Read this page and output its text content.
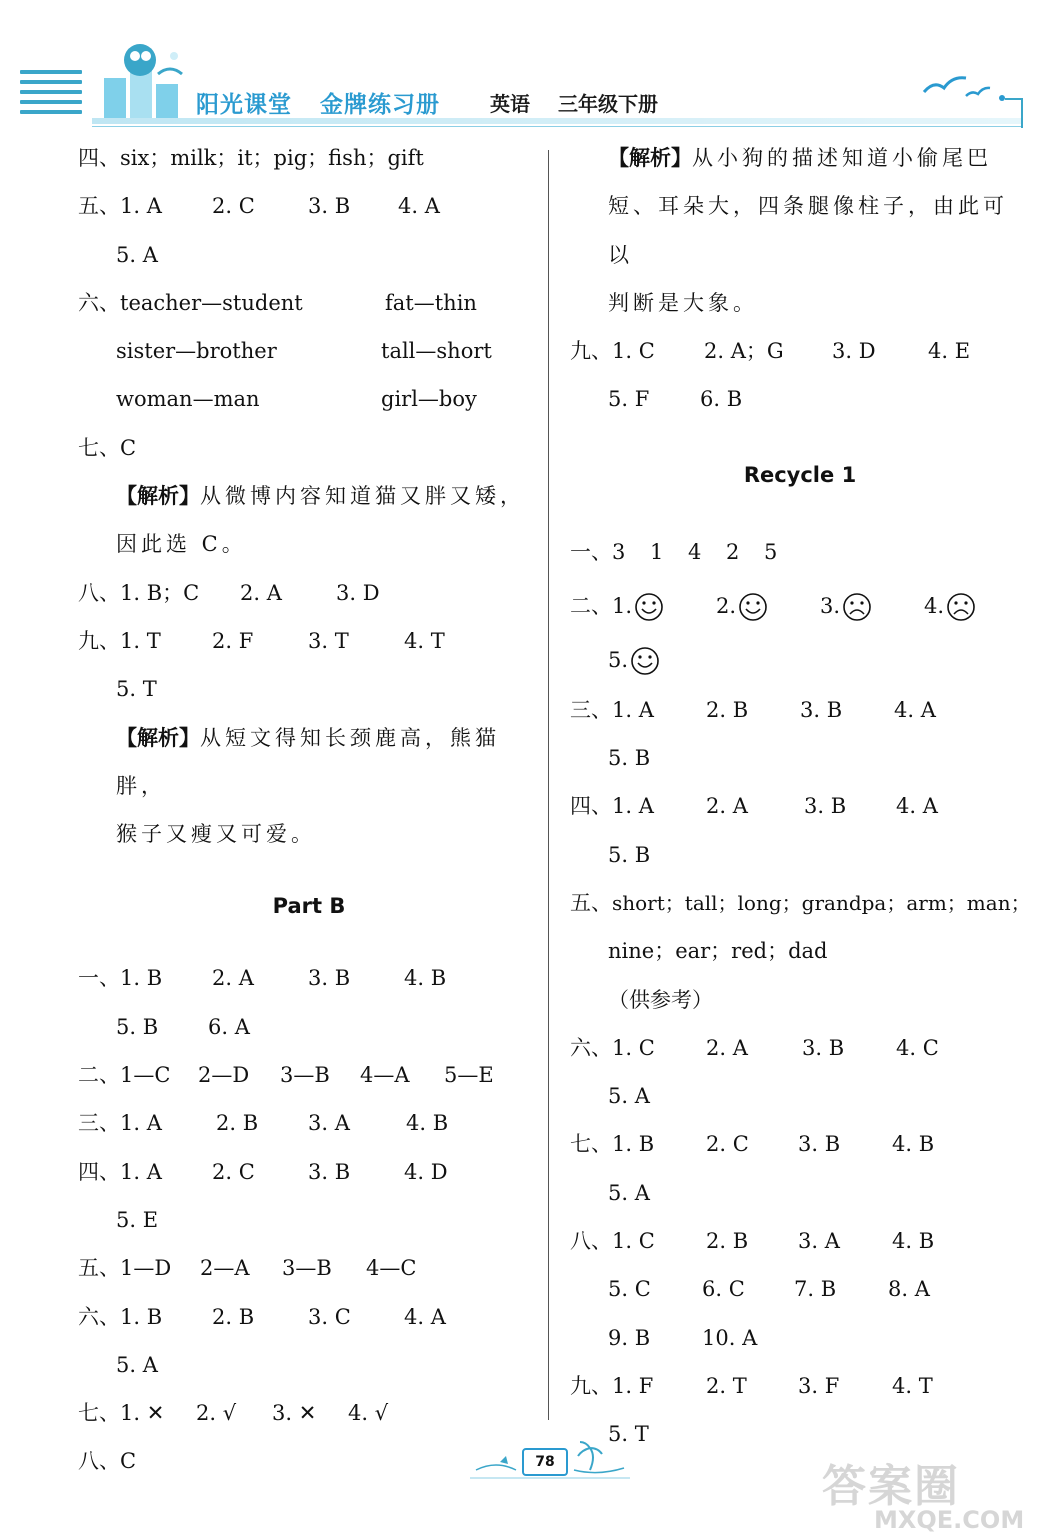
阳光课堂 金牌练习册	英语 三年级下册
四、six；milk；it；pig；fish；gift
五、1. A 2. C	3. B 4. A
5. A
六、teacher—student	fat—thin
sister—brother	tall—short
woman—man	girl—boy
七、C
【解析】从微博内容知道猫又胖又矮，
因此选 C。
八、1. B；C 2. A	3. D
九、1. T 2. F	3. T	4. T
5. T
【解析】从短文得知长颈鹿高，熊猫胖，
猴子又瘦又可爱。
Part B
一、1. B 2. A	3. B	4. B
5. B 6. A
二、1—C 2—D 3—B 4—A 5—E
三、1. A	2. B 3. A	4. B
四、1. A 2. C	3. B	4. D
5. E
五、1—D 2—A 3—B 4—C
六、1. B 2. B	3. C	4. A
5. A
七、1. ✕ 2. √ 3. ✕ 4. √
八、C
【解析】从小狗的描述知道小偷尾巴
短、耳朵大，四条腿像柱子，由此可以
判断是大象。
九、1. C 2. A；G 3. D 4. E
5. F 6. B
Recycle 1
一、3 1 4 2 5
二、1.	2.	3.	4.
5.
三、1. A 2. B 3. B 4. A
5. B
四、1. A 2. A	3. B 4. A
5. B
五、short；tall；long；grandpa；arm；man；
nine；ear；red；dad
（供参考）
六、1. C 2. A	3. B 4. C
5. A
七、1. B 2. C 3. B 4. B
5. A
八、1. C 2. B 3. A 4. B
5. C 6. C 7. B 8. A
9. B 10. A
九、1. F	2. T 3. F	4. T
5. T
78	答案圈
MXQE.COM
